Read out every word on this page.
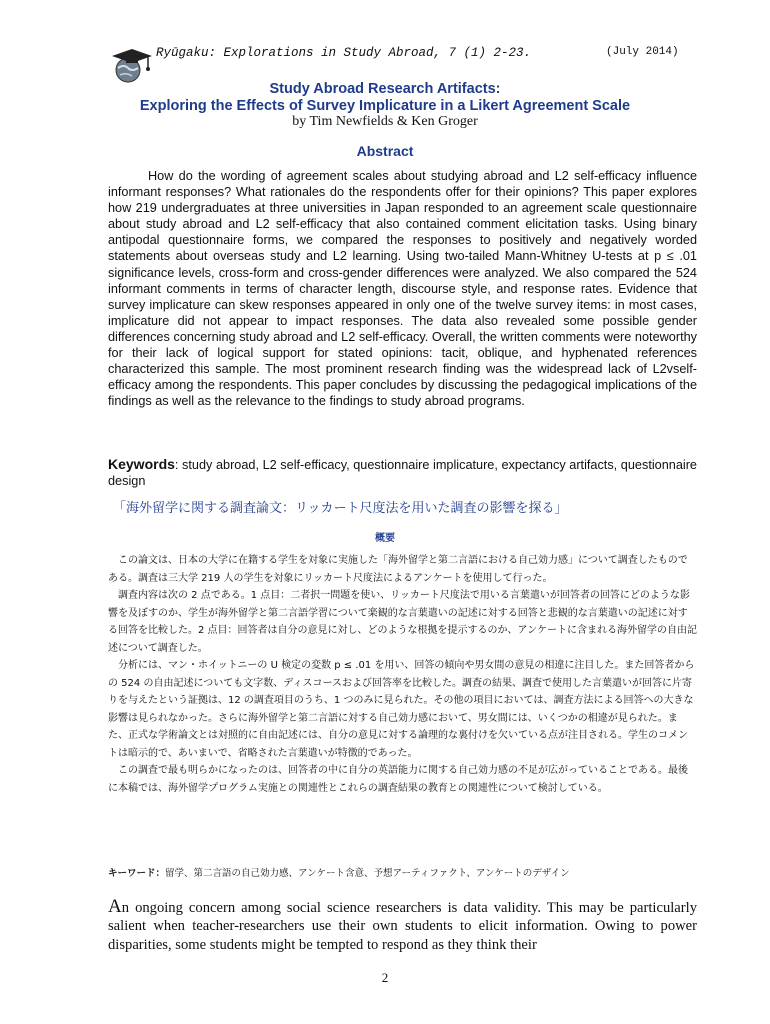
Ryūgaku: Explorations in Study Abroad, 7 (1) 2-23.	(July 2014)
Study Abroad Research Artifacts:
Exploring the Effects of Survey Implicature in a Likert Agreement Scale
by Tim Newfields & Ken Groger
Abstract

How do the wording of agreement scales about studying abroad and L2 self-efficacy influence informant responses? What rationales do the respondents offer for their opinions? This paper explores how 219 undergraduates at three universities in Japan responded to an agreement scale questionnaire about study abroad and L2 self-efficacy that also contained comment elicitation tasks. Using binary antipodal questionnaire forms, we compared the responses to positively and negatively worded statements about overseas study and L2 learning. Using two-tailed Mann-Whitney U-tests at p ≤ .01 significance levels, cross-form and cross-gender differences were analyzed. We also compared the 524 informant comments in terms of character length, discourse style, and response rates. Evidence that survey implicature can skew responses appeared in only one of the twelve survey items: in most cases, implicature did not appear to impact responses. The data also revealed some possible gender differences concerning study abroad and L2 self-efficacy. Overall, the written comments were noteworthy for their lack of logical support for stated opinions: tacit, oblique, and hyphenated references characterized this sample. The most prominent research finding was the widespread lack of L2vself-efficacy among the respondents. This paper concludes by discussing the pedagogical implications of the findings as well as the relevance to the findings to study abroad programs.

Keywords: study abroad, L2 self-efficacy, questionnaire implicature, expectancy artifacts, questionnaire design

「海外留学に関する調査論文：リッカート尺度法を用いた調査の影響を探る」
概要

この論文は、日本の大学に在籍する学生を対象に実施した「海外留学と第二言語における自己効力感」について調査したものである。調査は三大学 219 人の学生を対象にリッカート尺度法によるアンケートを使用して行った。

調査内容は次の 2 点である。1 点目：二者択一問題を使い、リッカート尺度法で用いる言葉遣いが回答者の回答にどのような影響を及ぼすのか、学生が海外留学と第二言語学習について楽観的な言葉遣いの記述に対する回答と悲観的な言葉遣いの記述に対する回答を比較した。2 点目：回答者は自分の意見に対し、どのような根拠を提示するのか、アンケートに含まれる海外留学の自由記述について調査した。

分析には、マン・ホイットニーの U 検定の変数 p ≤ .01 を用い、回答の傾向や男女間の意見の相違に注目した。また回答者からの 524 の自由記述についても文字数、ディスコースおよび回答率を比較した。調査の結果、調査で使用した言葉遣いが回答に片寄りを与えたという証拠は、12 の調査項目のうち、1 つのみに見られた。その他の項目においては、調査方法による回答への大きな影響は見られなかった。さらに海外留学と第二言語に対する自己効力感において、男女間には、いくつかの相違が見られた。また、正式な学術論文とは対照的に自由記述には、自分の意見に対する論理的な裏付けを欠いている点が注目される。学生のコメントは暗示的で、あいまいで、省略された言葉遣いが特徴的であった。

この調査で最も明らかになったのは、回答者の中に自分の英語能力に関する自己効力感の不足が広がっていることである。最後に本稿では、海外留学プログラム実施との関連性とこれらの調査結果の教育との関連性について検討している。

キーワード：留学、第二言語の自己効力感、アンケート含意、予想アーティファクト、アンケートのデザイン

An ongoing concern among social science researchers is data validity. This may be particularly salient when teacher-researchers use their own students to elicit information. Owing to power disparities, some students might be tempted to respond as they think their

2
